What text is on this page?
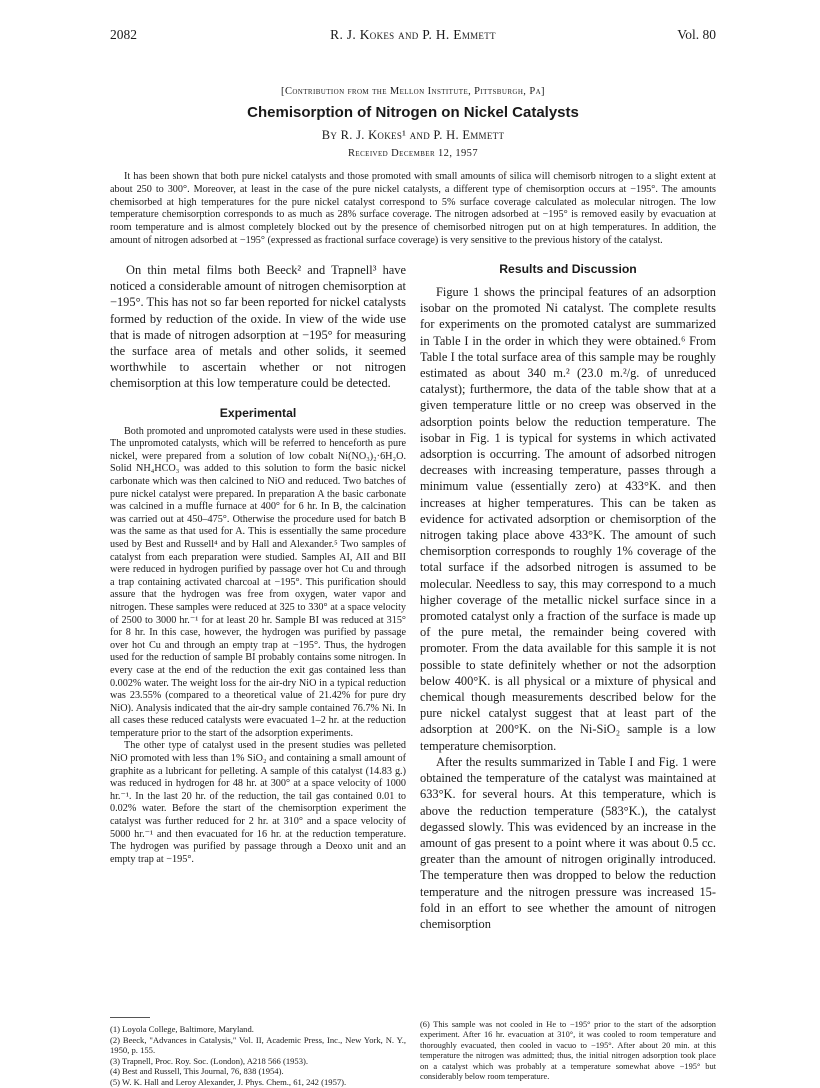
2082	R. J. Kokes and P. H. Emmett	Vol. 80
[Contribution from the Mellon Institute, Pittsburgh, Pa]
Chemisorption of Nitrogen on Nickel Catalysts
By R. J. Kokes¹ and P. H. Emmett
Received December 12, 1957

It has been shown that both pure nickel catalysts and those promoted with small amounts of silica will chemisorb nitrogen to a slight extent at about 250 to 300°. Moreover, at least in the case of the pure nickel catalysts, a different type of chemisorption occurs at −195°. The amounts chemisorbed at high temperatures for the pure nickel catalyst correspond to 5% surface coverage calculated as molecular nitrogen. The low temperature chemisorption corresponds to as much as 28% surface coverage. The nitrogen adsorbed at −195° is removed easily by evacuation at room temperature and is almost completely blocked out by the presence of chemisorbed nitrogen put on at high temperatures. In addition, the amount of nitrogen adsorbed at −195° (expressed as fractional surface coverage) is very sensitive to the previous history of the catalyst.

On thin metal films both Beeck² and Trapnell³ have noticed a considerable amount of nitrogen chemisorption at −195°. This has not so far been reported for nickel catalysts formed by reduction of the oxide. In view of the wide use that is made of nitrogen adsorption at −195° for measuring the surface area of metals and other solids, it seemed worthwhile to ascertain whether or not nitrogen chemisorption at this low temperature could be detected.

Experimental

Both promoted and unpromoted catalysts were used in these studies. The unpromoted catalysts, which will be referred to henceforth as pure nickel, were prepared from a solution of low cobalt Ni(NO₃)₂·6H₂O. Solid NH₄HCO₃ was added to this solution to form the basic nickel carbonate which was then calcined to NiO and reduced. Two batches of pure nickel catalyst were prepared. In preparation A the basic carbonate was calcined in a muffle furnace at 400° for 6 hr. In B, the calcination was carried out at 450–475°. Otherwise the procedure used for batch B was the same as that used for A. This is essentially the same procedure used by Best and Russell⁴ and by Hall and Alexander.⁵ Two samples of catalyst from each preparation were studied. Samples AI, AII and BII were reduced in hydrogen purified by passage over hot Cu and through a trap containing activated charcoal at −195°. This purification should assure that the hydrogen was free from oxygen, water vapor and nitrogen. These samples were reduced at 325 to 330° at a space velocity of 2500 to 3000 hr.⁻¹ for at least 20 hr. Sample BI was reduced at 315° for 8 hr. In this case, however, the hydrogen was purified by passage over hot Cu and through an empty trap at −195°. Thus, the hydrogen used for the reduction of sample BI probably contains some nitrogen. In every case at the end of the reduction the exit gas contained less than 0.002% water. The weight loss for the air-dry NiO in a typical reduction was 23.55% (compared to a theoretical value of 21.42% for pure dry NiO). Analysis indicated that the air-dry sample contained 76.7% Ni. In all cases these reduced catalysts were evacuated 1–2 hr. at the reduction temperature prior to the start of the adsorption experiments.

The other type of catalyst used in the present studies was pelleted NiO promoted with less than 1% SiO₂ and containing a small amount of graphite as a lubricant for pelleting. A sample of this catalyst (14.83 g.) was reduced in hydrogen for 48 hr. at 300° at a space velocity of 1000 hr.⁻¹. In the last 20 hr. of the reduction, the tail gas contained 0.01 to 0.02% water. Before the start of the chemisorption experiment the catalyst was further reduced for 2 hr. at 310° and a space velocity of 5000 hr.⁻¹ and then evacuated for 16 hr. at the reduction temperature. The hydrogen was purified by passage through a Deoxo unit and an empty trap at −195°.

(1) Loyola College, Baltimore, Maryland.

(2) Beeck, "Advances in Catalysis," Vol. II, Academic Press, Inc., New York, N. Y., 1950, p. 155.

(3) Trapnell, Proc. Roy. Soc. (London), A218 566 (1953).

(4) Best and Russell, This Journal, 76, 838 (1954).

(5) W. K. Hall and Leroy Alexander, J. Phys. Chem., 61, 242 (1957).

Results and Discussion

Figure 1 shows the principal features of an adsorption isobar on the promoted Ni catalyst. The complete results for experiments on the promoted catalyst are summarized in Table I in the order in which they were obtained.⁶ From Table I the total surface area of this sample may be roughly estimated as about 340 m.² (23.0 m.²/g. of unreduced catalyst); furthermore, the data of the table show that at a given temperature little or no creep was observed in the adsorption points below the reduction temperature. The isobar in Fig. 1 is typical for systems in which activated adsorption is occurring. The amount of adsorbed nitrogen decreases with increasing temperature, passes through a minimum value (essentially zero) at 433°K. and then increases at higher temperatures. This can be taken as evidence for activated adsorption or chemisorption of the nitrogen taking place above 433°K. The amount of such chemisorption corresponds to roughly 1% coverage of the total surface if the adsorbed nitrogen is assumed to be molecular. Needless to say, this may correspond to a much higher coverage of the metallic nickel surface since in a promoted catalyst only a fraction of the surface is made up of the pure metal, the remainder being covered with promoter. From the data available for this sample it is not possible to state definitely whether or not the adsorption below 400°K. is all physical or a mixture of physical and chemical though measurements described below for the pure nickel catalyst suggest that at least part of the adsorption at 200°K. on the Ni-SiO₂ sample is a low temperature chemisorption.

After the results summarized in Table I and Fig. 1 were obtained the temperature of the catalyst was maintained at 633°K. for several hours. At this temperature, which is above the reduction temperature (583°K.), the catalyst degassed slowly. This was evidenced by an increase in the amount of gas present to a point where it was about 0.5 cc. greater than the amount of nitrogen originally introduced. The temperature then was dropped to below the reduction temperature and the nitrogen pressure was increased 15-fold in an effort to see whether the amount of nitrogen chemisorption

(6) This sample was not cooled in He to −195° prior to the start of the adsorption experiment. After 16 hr. evacuation at 310°, it was cooled to room temperature and thoroughly evacuated, then cooled in vacuo to −195°. After about 20 min. at this temperature the nitrogen was admitted; thus, the initial nitrogen adsorption took place on a catalyst which was probably at a temperature somewhat above −195° but considerably below room temperature.
